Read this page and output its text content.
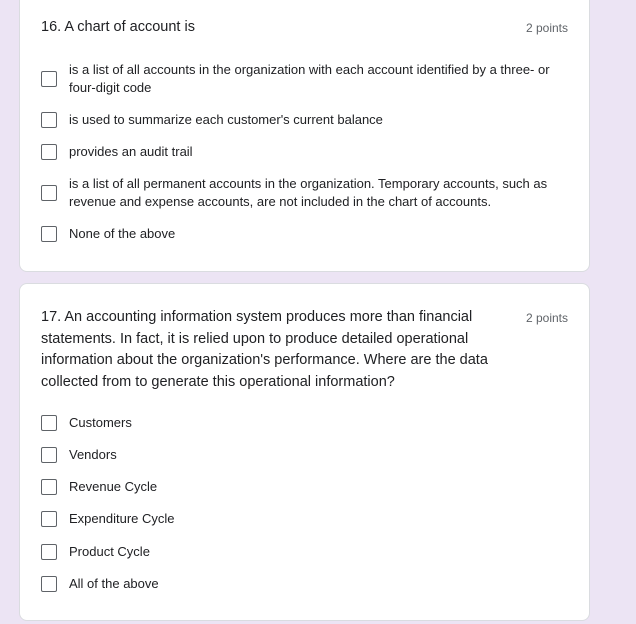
16. A chart of account is	2 points
is a list of all accounts in the organization with each account identified by a three- or four-digit code
is used to summarize each customer's current balance
provides an audit trail
is a list of all permanent accounts in the organization. Temporary accounts, such as revenue and expense accounts, are not included in the chart of accounts.
None of the above
17. An accounting information system produces more than financial statements. In fact, it is relied upon to produce detailed operational information about the organization's performance. Where are the data collected from to generate this operational information?
2 points
Customers
Vendors
Revenue Cycle
Expenditure Cycle
Product Cycle
All of the above
